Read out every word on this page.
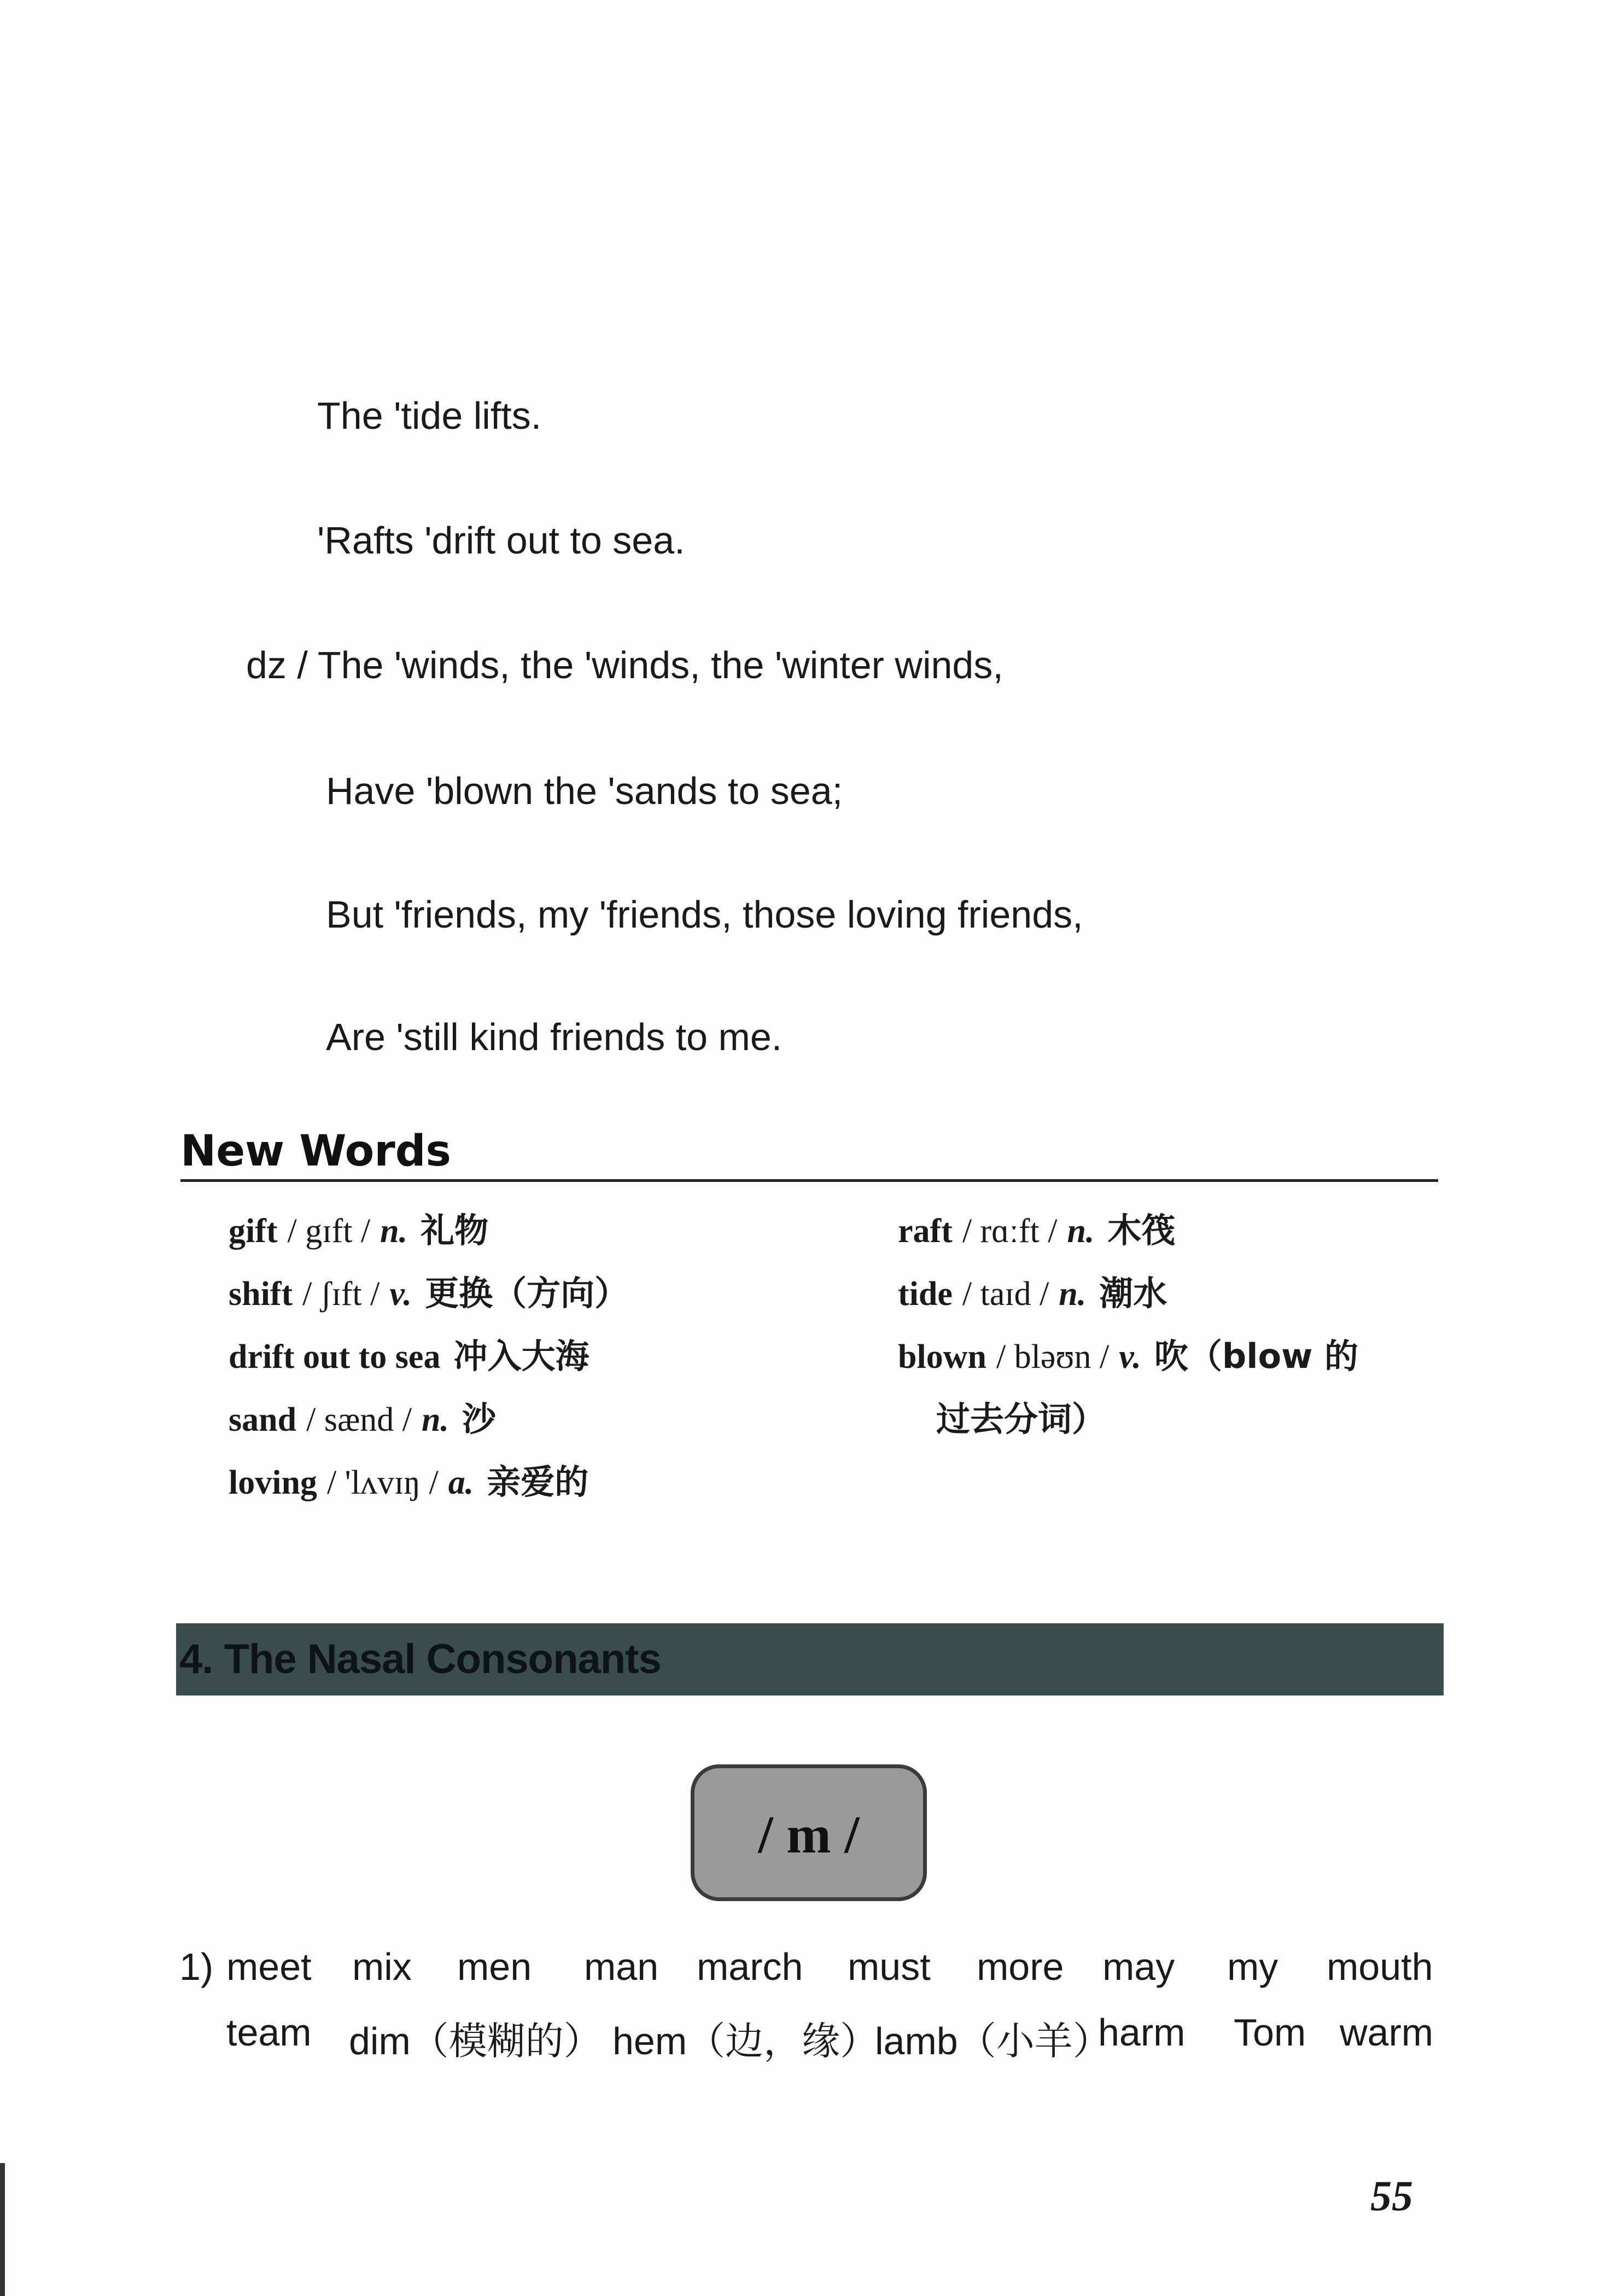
The 'tide lifts.
'Rafts 'drift out to sea.
dz / The 'winds, the 'winds, the 'winter winds,
Have 'blown the 'sands to sea;
But 'friends, my 'friends, those loving friends,
Are 'still kind friends to me.
New Words
gift / gɪft / n. 礼物
shift / ʃɪft / v. 更换（方向）
drift out to sea 冲入大海
sand / sænd / n. 沙
loving / 'lʌvɪŋ / a. 亲爱的
raft / rɑːft / n. 木筏
tide / taɪd / n. 潮水
blown / bləʊn / v. 吹（blow 的
过去分词）
4. The Nasal Consonants
/ m /
1) meet mix men man march must more may my mouth
team dim（模糊的） hem（边，缘）
lamb（小羊）
harm Tom warm
55
